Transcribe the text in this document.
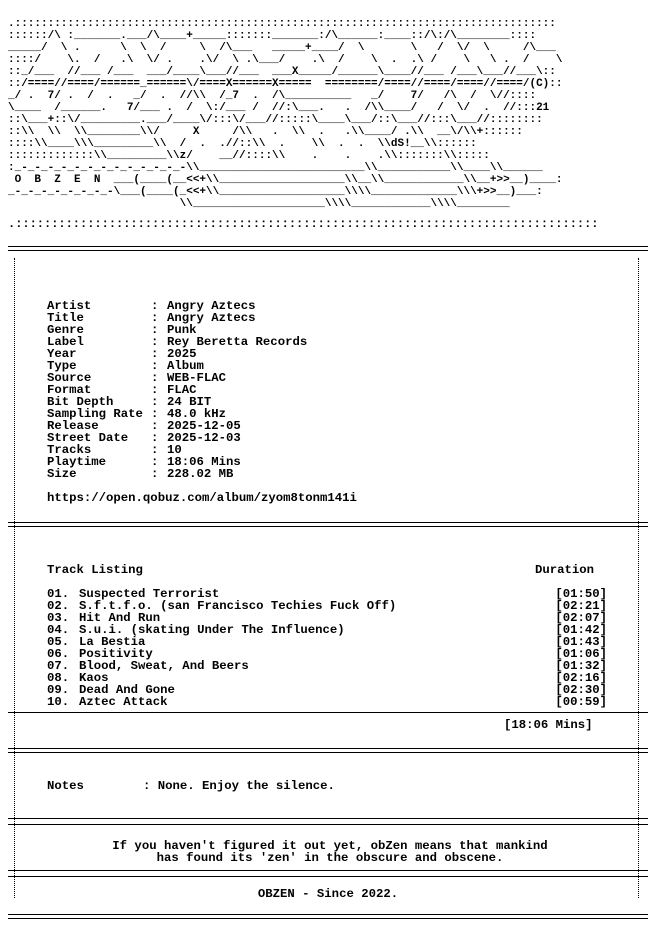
.::::::::::::::::::::::::::::::::::::::::::::::::::::::::::::::::::::::::::::::::::
::::::/\ :_______.___/\____+_____:::::::_______:/\______:____::/\:/\________::::
_____/  \ .      \  \  /     \  /\___   _____+____/  \       \   /  \/  \     /\___
::::/    \.  /   .\  \/ .    .\/  \ .\___/    .\  /    \  .  .\ /    \   \ .  /    \
::_/___  //___ /___  ___/____\___//___  ___X_____/______\____//___ /___\___//___\::
::/====//====/======_======\/====X======X=====  ========/====//====/====//====/(C)::
_/ .  7/ .  /  .   _/  .  //\\  /_7  .  /\__________   _/    7/   /\  /  \//::::
\____  /______.   7/___ .  /  \:/___ /  //:\___.   .  /\\____/   /  \/  .  //:::21
::\___+::\/_________.___/____\/:::\/___//:::::\____\___/::\___//:::\___//::::::::
::\\  \\  \\________\\/     X     /\\   .  \\  .   .\\____/ .\\  __\/\\+::::::
::::\\____\\\_________\\  /  .  .//::\\  .    \\  .  .  \\dS!__\\::::::
:::::::::::::\\_________\\z/    __//::::\\    .    .    .\\:::::::\\:::::
:_-_-_-_-_-_-_-_-_-_-_-_-_-\\_________________________\\___________\\____\\______
O  B  Z  E  N  ___(____(__<<+\\___________________\\__\\____________\\__+>>__)____:
_-_-_-_-_-_-_-_-\___(____(_<<+\\___________________\\\\_____________\\\+>>__)___:
\\____________________\\\\____________\\\\________
.:::::::::::::::::::::::::::::::::::::::::::::::::::::::::::::::::::::::::::::::::
Artist	: Angry Aztecs
Title	: Angry Aztecs
Genre	: Punk
Label	: Rey Beretta Records
Year	: 2025
Type	: Album
Source	: WEB-FLAC
Format	: FLAC
Bit Depth	: 24 BIT
Sampling Rate : 48.0 kHz
Release	: 2025-12-05
Street Date : 2025-12-03
Tracks	: 10
Playtime	: 18:06 Mins
Size	: 228.02 MB
https://open.qobuz.com/album/zyom8tonm141i
Track Listing	Duration
01. Suspected Terrorist	[01:50]
02. S.f.t.f.o. (san Francisco Techies Fuck Off)	[02:21]
03. Hit And Run	[02:07]
04. S.u.i. (skating Under The Influence)	[01:42]
05. La Bestia	[01:43]
06. Positivity	[01:06]
07. Blood, Sweat, And Beers	[01:32]
08. Kaos	[02:16]
09. Dead And Gone	[02:30]
10. Aztec Attack	[00:59]
[18:06 Mins]
Notes	: None. Enjoy the silence.
If you haven't figured it out yet, obZen means that mankind
has found its 'zen' in the obscure and obscene.
OBZEN - Since 2022.
